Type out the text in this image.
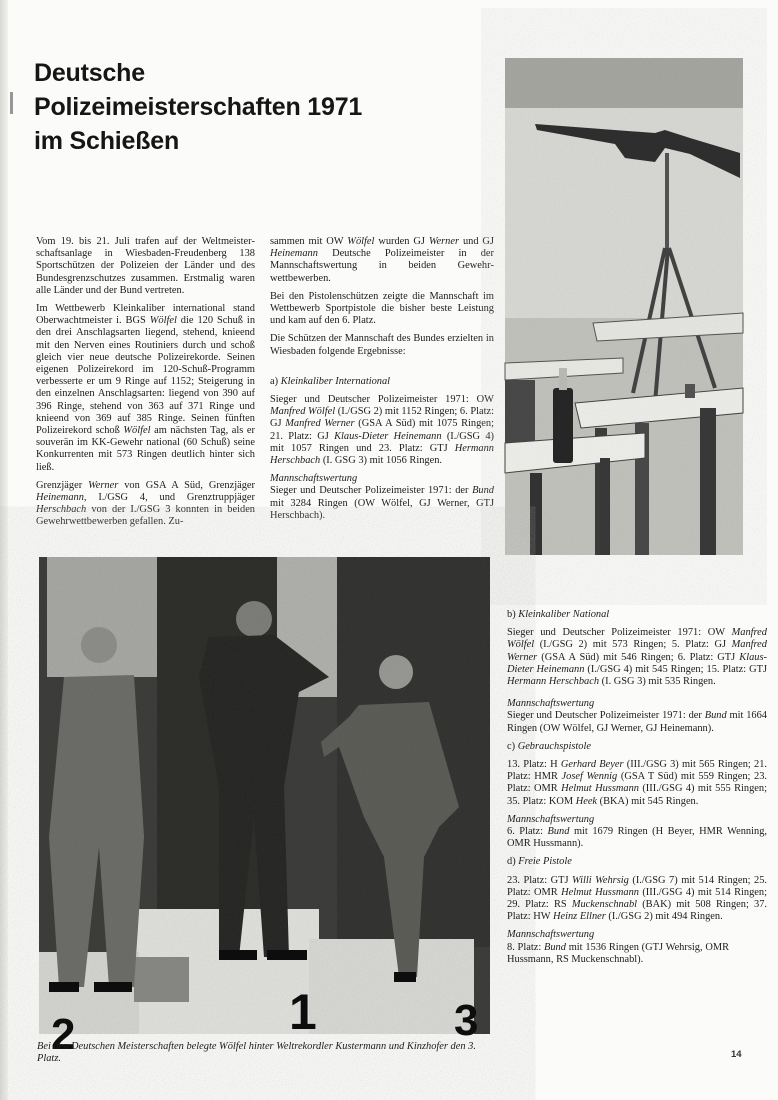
Deutsche
Polizeimeisterschaften 1971
im Schießen

Vom 19. bis 21. Juli trafen auf der Weltmeisterschaftsanlage in Wiesbaden-Freudenberg 138 Sportschützen der Polizeien der Länder und des Bundesgrenzschutzes zusammen. Erstmalig waren alle Länder und der Bund vertreten.

Im Wettbewerb Kleinkaliber international stand Oberwachtmeister i. BGS Wölfel die 120 Schuß in den drei Anschlagsarten liegend, stehend, knieend mit den Nerven eines Routiniers durch und schoß gleich vier neue deutsche Polizeirekorde. Seinen eigenen Polizeirekord im 120-Schuß-Programm verbesserte er um 9 Ringe auf 1152; Steigerung in den einzelnen Anschlagsarten: liegend von 390 auf 396 Ringe, stehend von 363 auf 371 Ringe und knieend von 369 auf 385 Ringe. Seinen fünften Polizeirekord schoß Wölfel am nächsten Tag, als er souverän im KK-Gewehr national (60 Schuß) seine Konkurrenten mit 573 Ringen deutlich hinter sich ließ.

Grenzjäger Werner von GSA A Süd, Grenzjäger Heinemann, I./GSG 4, und Grenztruppjäger Herschbach von der I./GSG 3 konnten in beiden Gewehrwettbewerben gefallen. Zu-

sammen mit OW Wölfel wurden GJ Werner und GJ Heinemann Deutsche Polizeimeister in der Mannschaftswertung in beiden Gewehrwettbewerben.

Bei den Pistolenschützen zeigte die Mannschaft im Wettbewerb Sportpistole die bisher beste Leistung und kam auf den 6. Platz.

Die Schützen der Mannschaft des Bundes erzielten in Wiesbaden folgende Ergebnisse:

a) Kleinkaliber International

Sieger und Deutscher Polizeimeister 1971: OW Manfred Wölfel (I./GSG 2) mit 1152 Ringen; 6. Platz: GJ Manfred Werner (GSA A Süd) mit 1075 Ringen; 21. Platz: GJ Klaus-Dieter Heinemann (I./GSG 4) mit 1057 Ringen und 23. Platz: GTJ Hermann Herschbach (I. GSG 3) mit 1056 Ringen.

Mannschaftswertung

Sieger und Deutscher Polizeimeister 1971: der Bund mit 3284 Ringen (OW Wölfel, GJ Werner, GTJ Herschbach).

1	3
2
b) Kleinkaliber National

Sieger und Deutscher Polizeimeister 1971: OW Manfred Wölfel (I./GSG 2) mit 573 Ringen; 5. Platz: GJ Manfred Werner (GSA A Süd) mit 546 Ringen; 6. Platz: GTJ Klaus-Dieter Heinemann (I./GSG 4) mit 545 Ringen; 15. Platz: GTJ Hermann Herschbach (I. GSG 3) mit 535 Ringen.

Mannschaftswertung

Sieger und Deutscher Polizeimeister 1971: der Bund mit 1664 Ringen (OW Wölfel, GJ Werner, GJ Heinemann).

c) Gebrauchspistole

13. Platz: H Gerhard Beyer (III./GSG 3) mit 565 Ringen; 21. Platz: HMR Josef Wennig (GSA T Süd) mit 559 Ringen; 23. Platz: OMR Helmut Hussmann (III./GSG 4) mit 555 Ringen; 35. Platz: KOM Heek (BKA) mit 545 Ringen.

Mannschaftswertung

6. Platz: Bund mit 1679 Ringen (H Beyer, HMR Wenning, OMR Hussmann).

d) Freie Pistole

23. Platz: GTJ Willi Wehrsig (I./GSG 7) mit 514 Ringen; 25. Platz: OMR Helmut Hussmann (III./GSG 4) mit 514 Ringen; 29. Platz: RS Muckenschnabl (BAK) mit 508 Ringen; 37. Platz: HW Heinz Ellner (I./GSG 2) mit 494 Ringen.

Mannschaftswertung

8. Platz: Bund mit 1536 Ringen (GTJ Wehrsig, OMR Hussmann, RS Muckenschnabl).

Bei den Deutschen Meisterschaften belegte Wölfel hinter Weltrekordler Kustermann und Kinzhofer den 3. Platz.	14
